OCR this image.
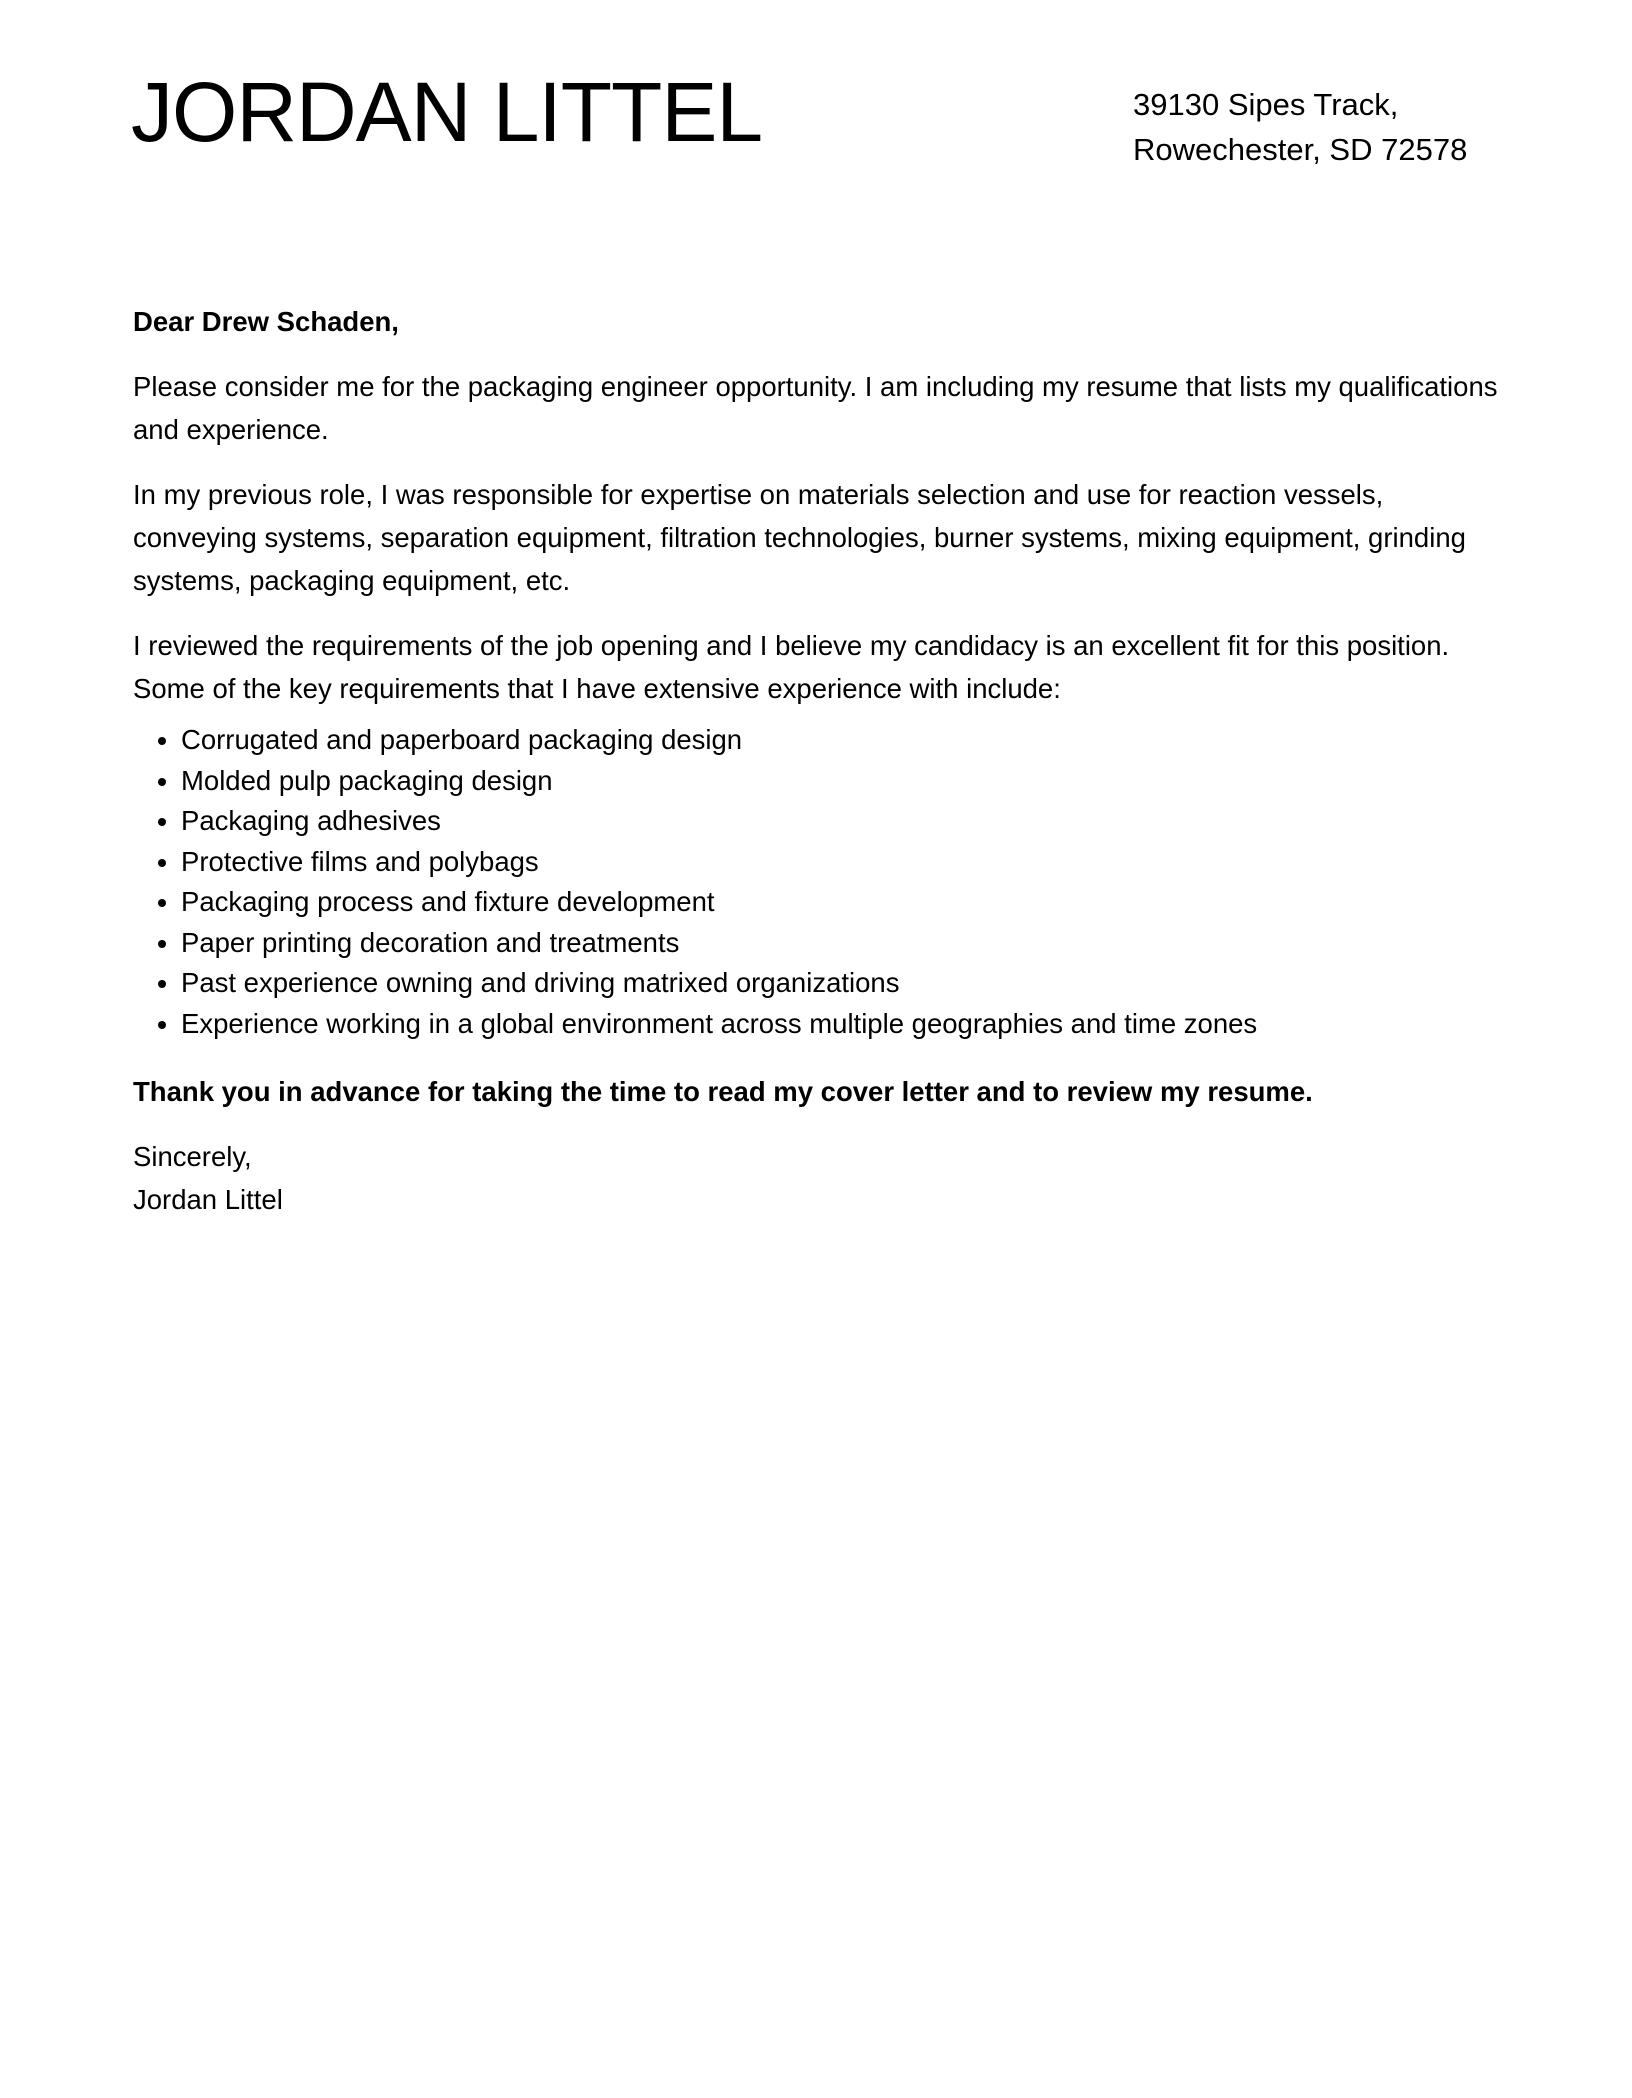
JORDAN LITTEL	39130 Sipes Track,
Rowechester, SD 72578
Dear Drew Schaden,

Please consider me for the packaging engineer opportunity. I am including my resume that lists my qualifications and experience.

In my previous role, I was responsible for expertise on materials selection and use for reaction vessels, conveying systems, separation equipment, filtration technologies, burner systems, mixing equipment, grinding systems, packaging equipment, etc.

I reviewed the requirements of the job opening and I believe my candidacy is an excellent fit for this position. Some of the key requirements that I have extensive experience with include:

• Corrugated and paperboard packaging design
• Molded pulp packaging design
• Packaging adhesives
• Protective films and polybags
• Packaging process and fixture development
• Paper printing decoration and treatments
• Past experience owning and driving matrixed organizations
• Experience working in a global environment across multiple geographies and time zones
Thank you in advance for taking the time to read my cover letter and to review my resume.
Sincerely,
Jordan Littel
